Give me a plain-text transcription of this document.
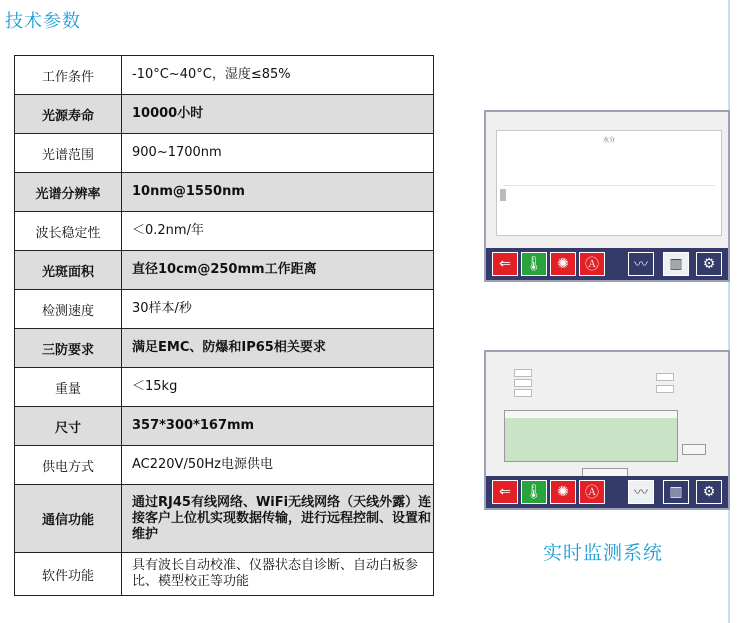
技术参数
工作条件	-10°C~40°C，湿度≤85%
光源寿命	10000小时
光谱范围	900~1700nm
光谱分辨率	10nm@1550nm
波长稳定性	＜0.2nm/年
光斑面积	直径10cm@250mm工作距离
检测速度	30样本/秒
三防要求	满足EMC、防爆和IP65相关要求
重量	＜15kg
尺寸	357*300*167mm
供电方式	AC220V/50Hz电源供电
通信功能	通过RJ45有线网络、WiFi无线网络（天线外露）连接客户上位机实现数据传输，进行远程控制、设置和维护
软件功能	具有波长自动校准、仪器状态自诊断、自动白板参比、模型校正等功能
水分
⇐	🌡	✺	Ⓐ	〰	▥	⚙
⇐	🌡	✺	Ⓐ	〰	▥	⚙
实时监测系统
